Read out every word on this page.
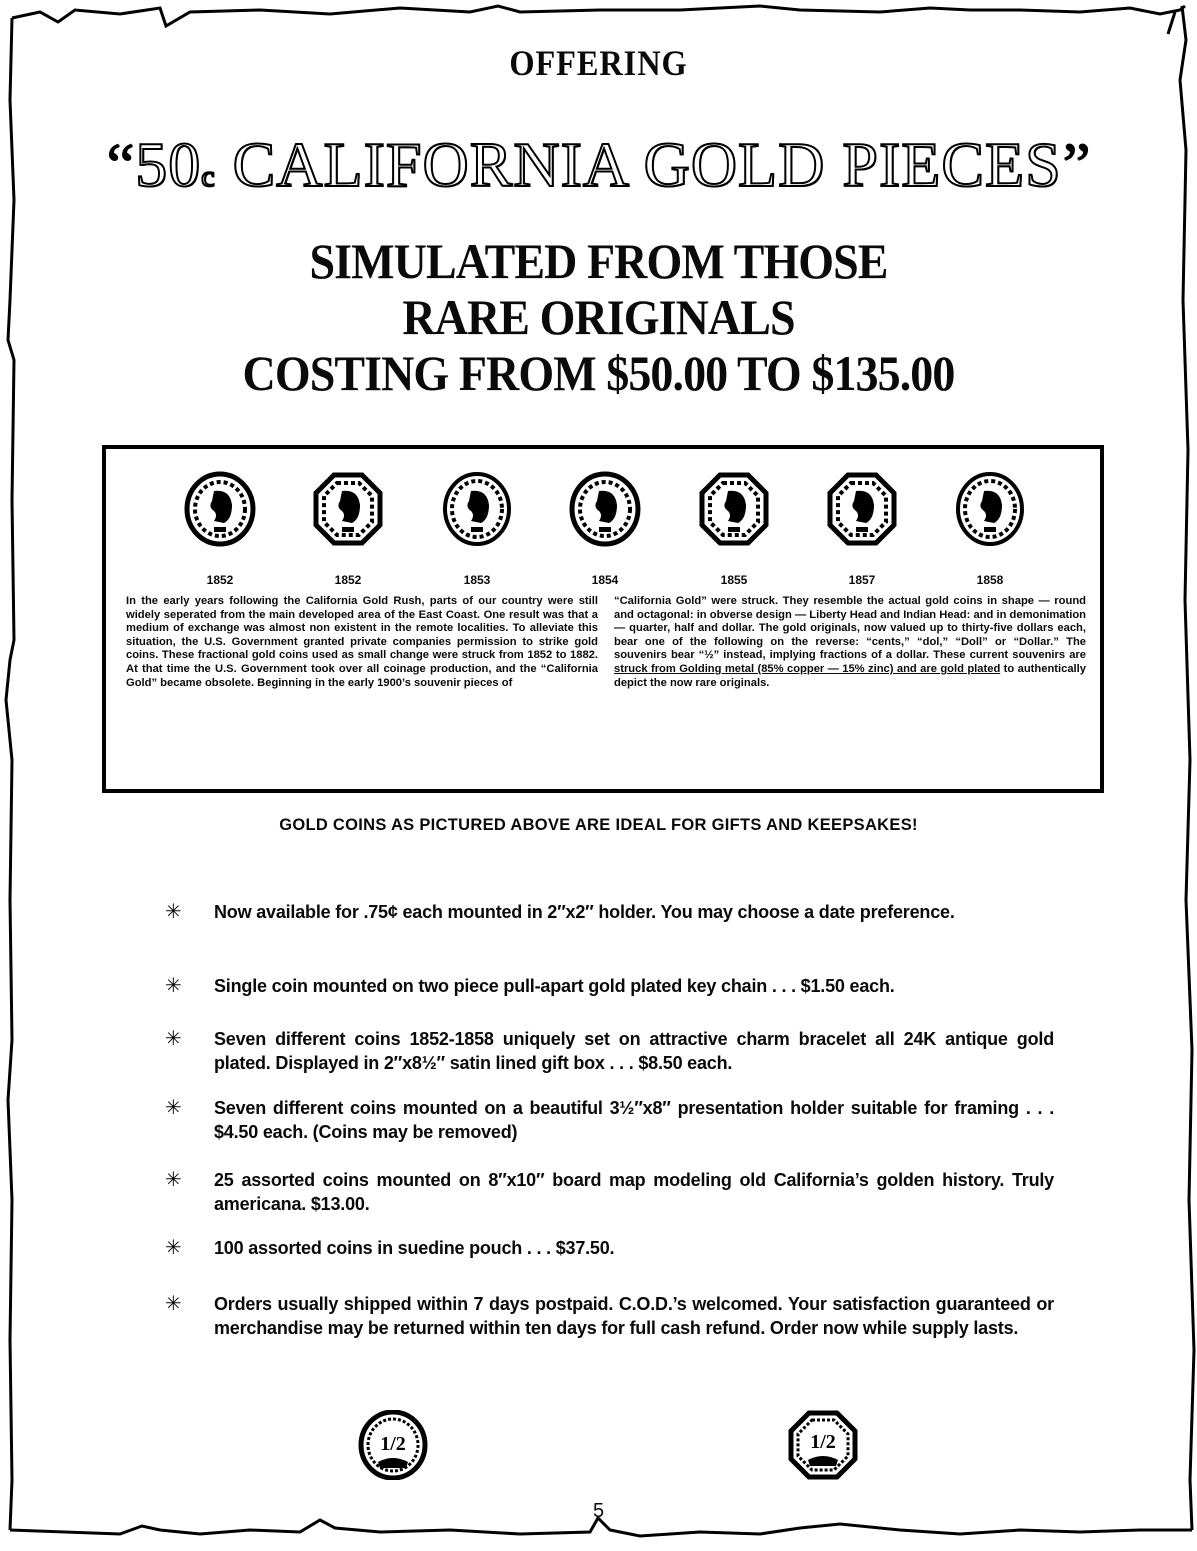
OFFERING
“50c CALIFORNIA GOLD PIECES”
SIMULATED FROM THOSE
RARE ORIGINALS
COSTING FROM $50.00 TO $135.00
1852	1852	1853	1854	1855	1857	1858

In the early years following the California Gold Rush, parts of our country were still widely seperated from the main developed area of the East Coast. One result was that a medium of exchange was almost non existent in the remote localities. To alleviate this situation, the U.S. Government granted private companies permission to strike gold coins. These fractional gold coins used as small change were struck from 1852 to 1882. At that time the U.S. Government took over all coinage production, and the “California Gold” became obsolete. Beginning in the early 1900’s souvenir pieces of

“California Gold” were struck. They resemble the actual gold coins in shape — round and octagonal: in obverse design — Liberty Head and Indian Head: and in demonimation — quarter, half and dollar. The gold originals, now valued up to thirty-five dollars each, bear one of the following on the reverse: “cents,” “dol,” “Doll” or “Dollar.” The souvenirs bear “½” instead, implying fractions of a dollar. These current souvenirs are struck from Golding metal (85% copper — 15% zinc) and are gold plated to authentically depict the now rare originals.

GOLD COINS AS PICTURED ABOVE ARE IDEAL FOR GIFTS AND KEEPSAKES!
✳ Now available for .75¢ each mounted in 2″x2″ holder. You may choose a date preference.
✳ Single coin mounted on two piece pull-apart gold plated key chain . . . $1.50 each.
✳ Seven different coins 1852-1858 uniquely set on attractive charm bracelet all 24K antique gold plated. Displayed in 2″x8½″ satin lined gift box . . . $8.50 each.
✳ Seven different coins mounted on a beautiful 3½″x8″ presentation holder suitable for framing . . . $4.50 each. (Coins may be removed)
✳ 25 assorted coins mounted on 8″x10″ board map modeling old California’s golden history. Truly americana. $13.00.
✳ 100 assorted coins in suedine pouch . . . $37.50.
✳ Orders usually shipped within 7 days postpaid. C.O.D.’s welcomed. Your satisfaction guaranteed or merchandise may be returned within ten days for full cash refund. Order now while supply lasts.
1/2	1/2
5
